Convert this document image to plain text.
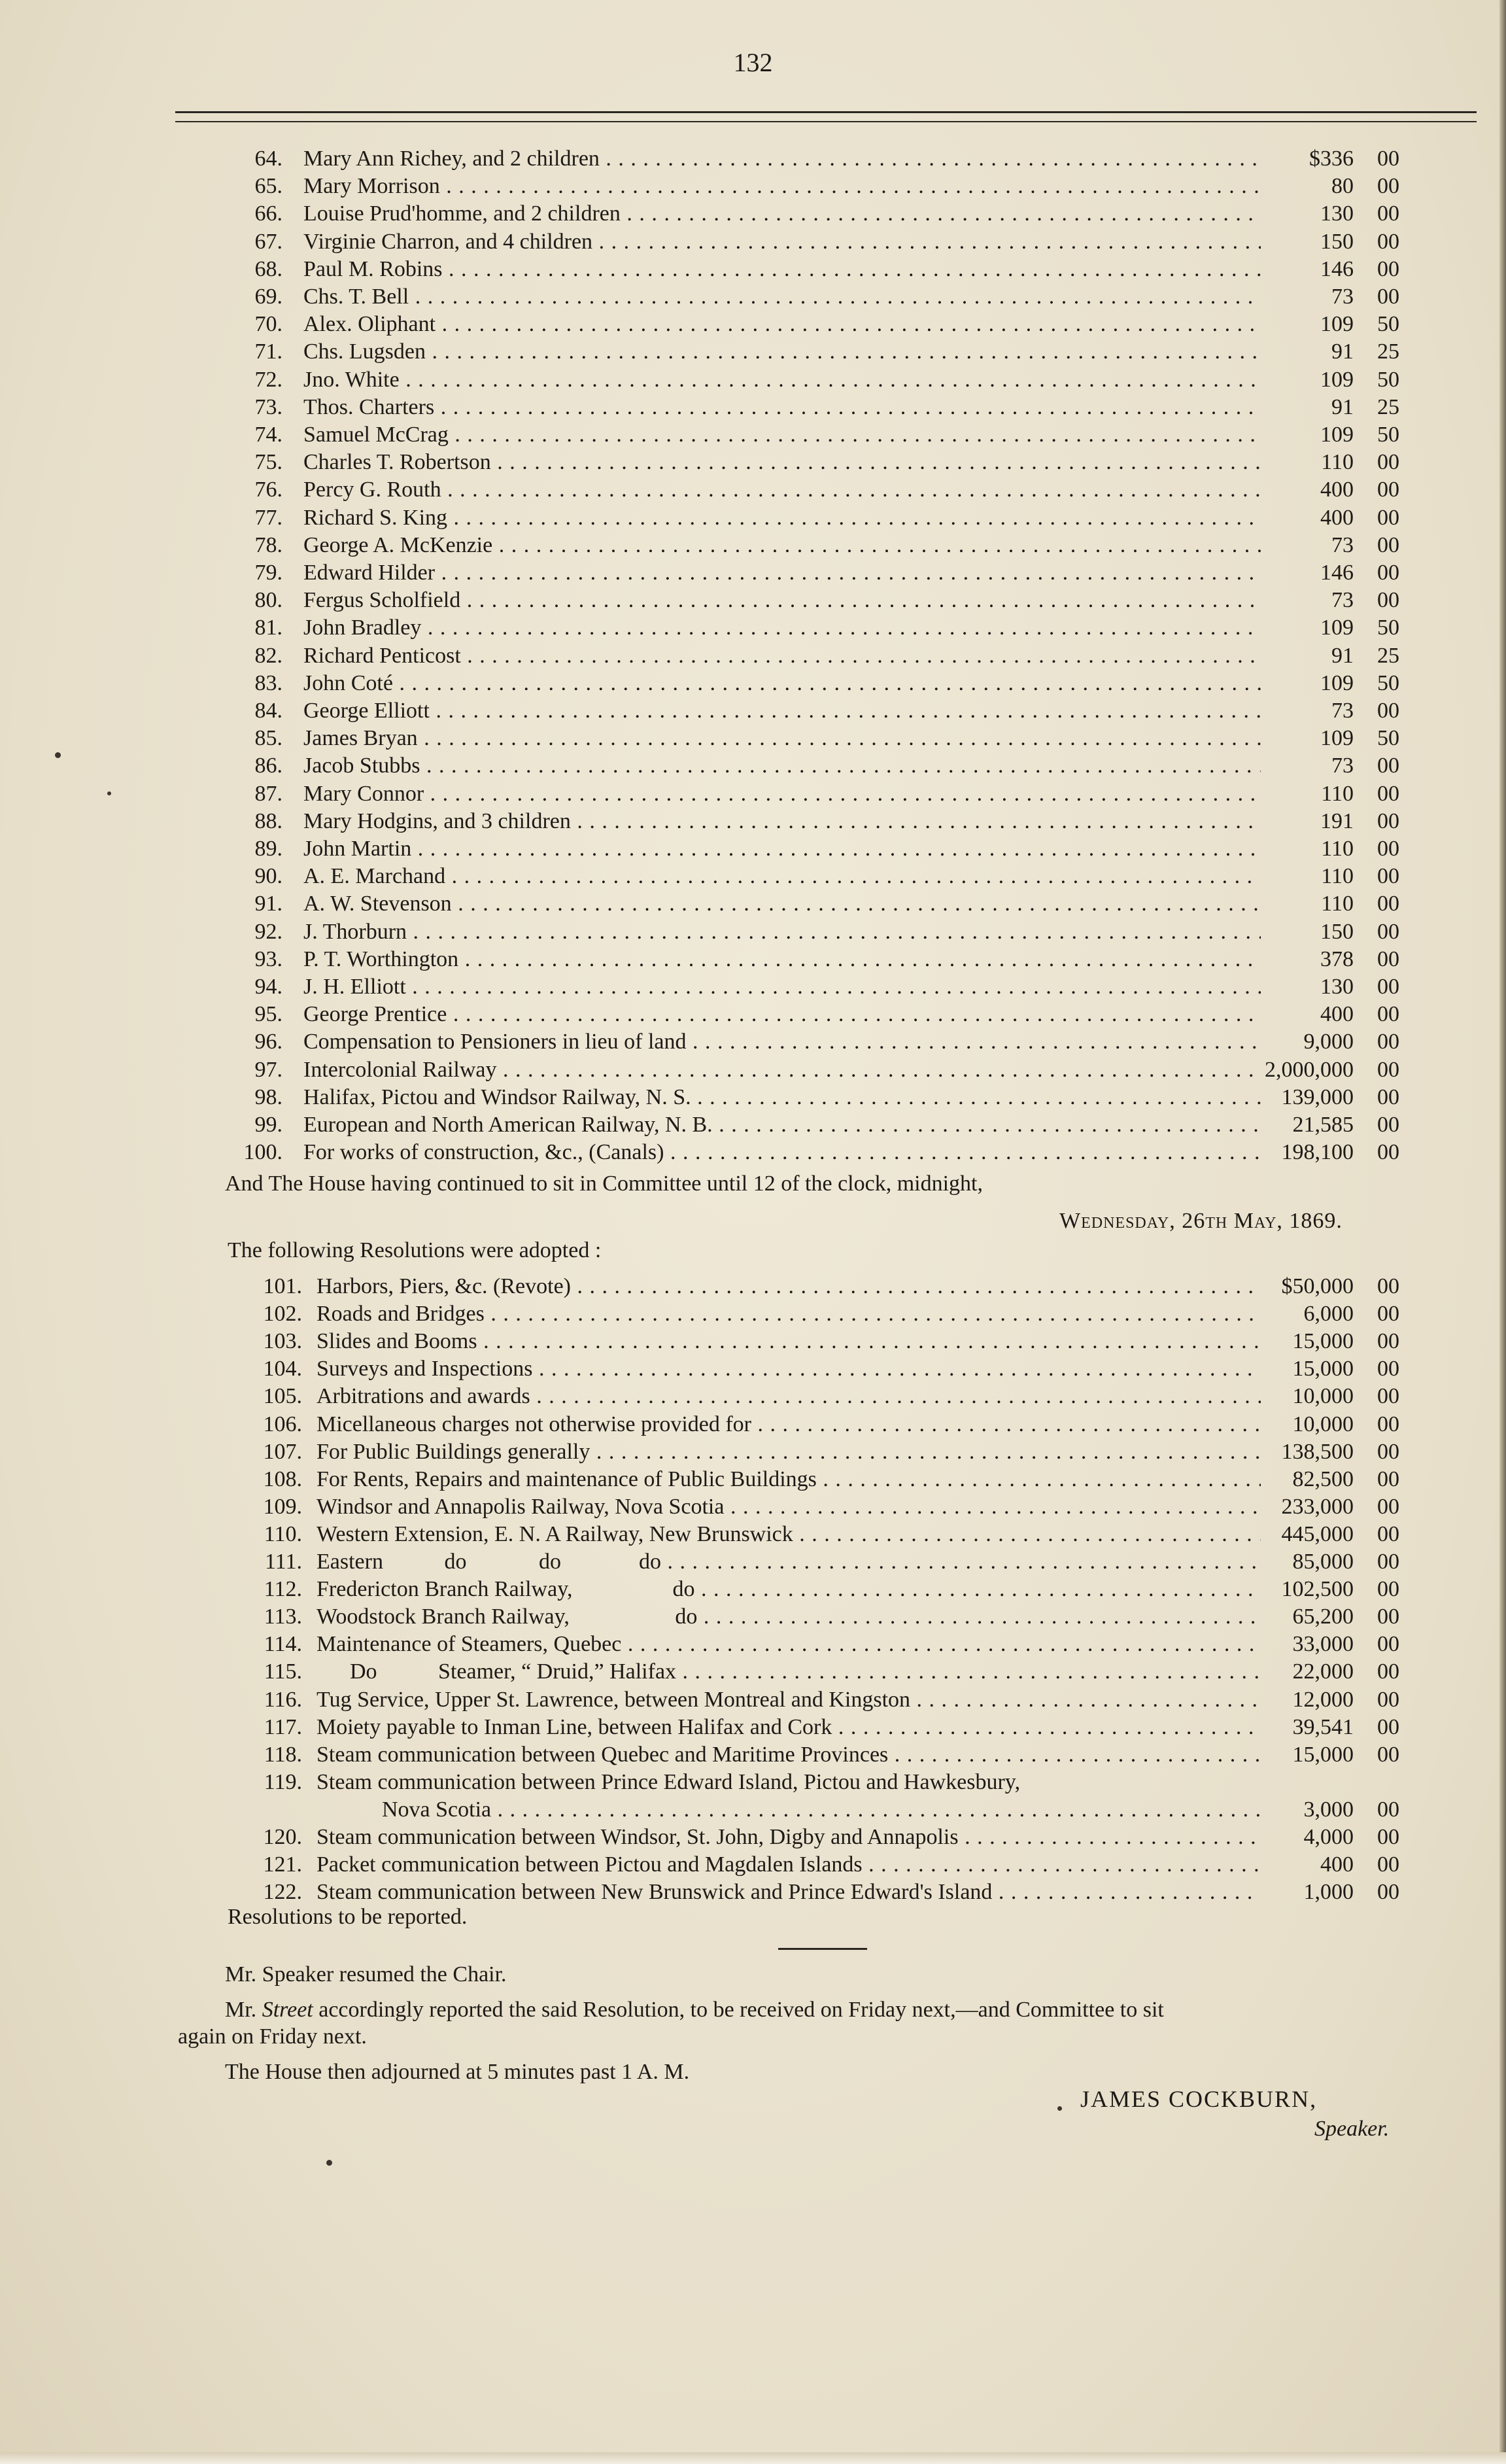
132
64. Mary Ann Richey, and 2 children . . .	$336	00
65. Mary Morrison . . .	80	00
66. Louise Prud'homme, and 2 children . . .	130	00
67. Virginie Charron, and 4 children . . .	150	00
68. Paul M. Robins . . .	146	00
69. Chs. T. Bell . . .	73	00
70. Alex. Oliphant . . .	109	50
71. Chs. Lugsden . . .	91	25
72. Jno. White . . .	109	50
73. Thos. Charters . . .	91	25
74. Samuel McCrag . . .	109	50
75. Charles T. Robertson . . .	110	00
76. Percy G. Routh . . .	400	00
77. Richard S. King . . .	400	00
78. George A. McKenzie . . .	73	00
79. Edward Hilder . . .	146	00
80. Fergus Scholfield . . .	73	00
81. John Bradley . . .	109	50
82. Richard Penticost . . .	91	25
83. John Coté . . .	109	50
84. George Elliott . . .	73	00
85. James Bryan . . .	109	50
86. Jacob Stubbs . . .	73	00
87. Mary Connor . . .	110	00
88. Mary Hodgins, and 3 children . . .	191	00
89. John Martin . . .	110	00
90. A. E. Marchand . . .	110	00
91. A. W. Stevenson . . .	110	00
92. J. Thorburn . . .	150	00
93. P. T. Worthington . . .	378	00
94. J. H. Elliott . . .	130	00
95. George Prentice . . .	400	00
96. Compensation to Pensioners in lieu of land . . .	9,000	00
97. Intercolonial Railway . . .	2,000,000	00
98. Halifax, Pictou and Windsor Railway, N. S. . . .	139,000	00
99. European and North American Railway, N. B. . . .	21,585	00
100. For works of construction, &c., (Canals) . . .	198,100	00
And The House having continued to sit in Committee until 12 of the clock, midnight,
Wednesday, 26th May, 1869.
The following Resolutions were adopted :
101. Harbors, Piers, &c. (Revote) . . .	$50,000	00
102. Roads and Bridges . . .	6,000	00
103. Slides and Booms . . .	15,000	00
104. Surveys and Inspections . . .	15,000	00
105. Arbitrations and awards . . .	10,000	00
106. Micellaneous charges not otherwise provided for . . .	10,000	00
107. For Public Buildings generally . . .	138,500	00
108. For Rents, Repairs and maintenance of Public Buildings . . .	82,500	00
109. Windsor and Annapolis Railway, Nova Scotia . . .	233,000	00
110. Western Extension, E. N. A Railway, New Brunswick . . .	445,000	00
111. Eastern           do             do              do . . .	85,000	00
112. Fredericton Branch Railway,                  do . . .	102,500	00
113. Woodstock Branch Railway,                   do . . .	65,200	00
114. Maintenance of Steamers, Quebec . . .	33,000	00
115. Do           Steamer, “ Druid,” Halifax . . .	22,000	00
116. Tug Service, Upper St. Lawrence, between Montreal and Kingston . . .	12,000	00
117. Moiety payable to Inman Line, between Halifax and Cork . . .	39,541	00
118. Steam communication between Quebec and Maritime Provinces . . .	15,000	00
119. Steam communication between Prince Edward Island, Pictou and Hawkesbury,
Nova Scotia . . .	3,000	00
120. Steam communication between Windsor, St. John, Digby and Annapolis . . .	4,000	00
121. Packet communication between Pictou and Magdalen Islands . . .	400	00
122. Steam communication between New Brunswick and Prince Edward's Island . . .	1,000	00
Resolutions to be reported.
Mr. Speaker resumed the Chair.
Mr. Street accordingly reported the said Resolution, to be received on Friday next,—and Committee to sit
again on Friday next.
The House then adjourned at 5 minutes past 1 A. M.
JAMES COCKBURN,
Speaker.
